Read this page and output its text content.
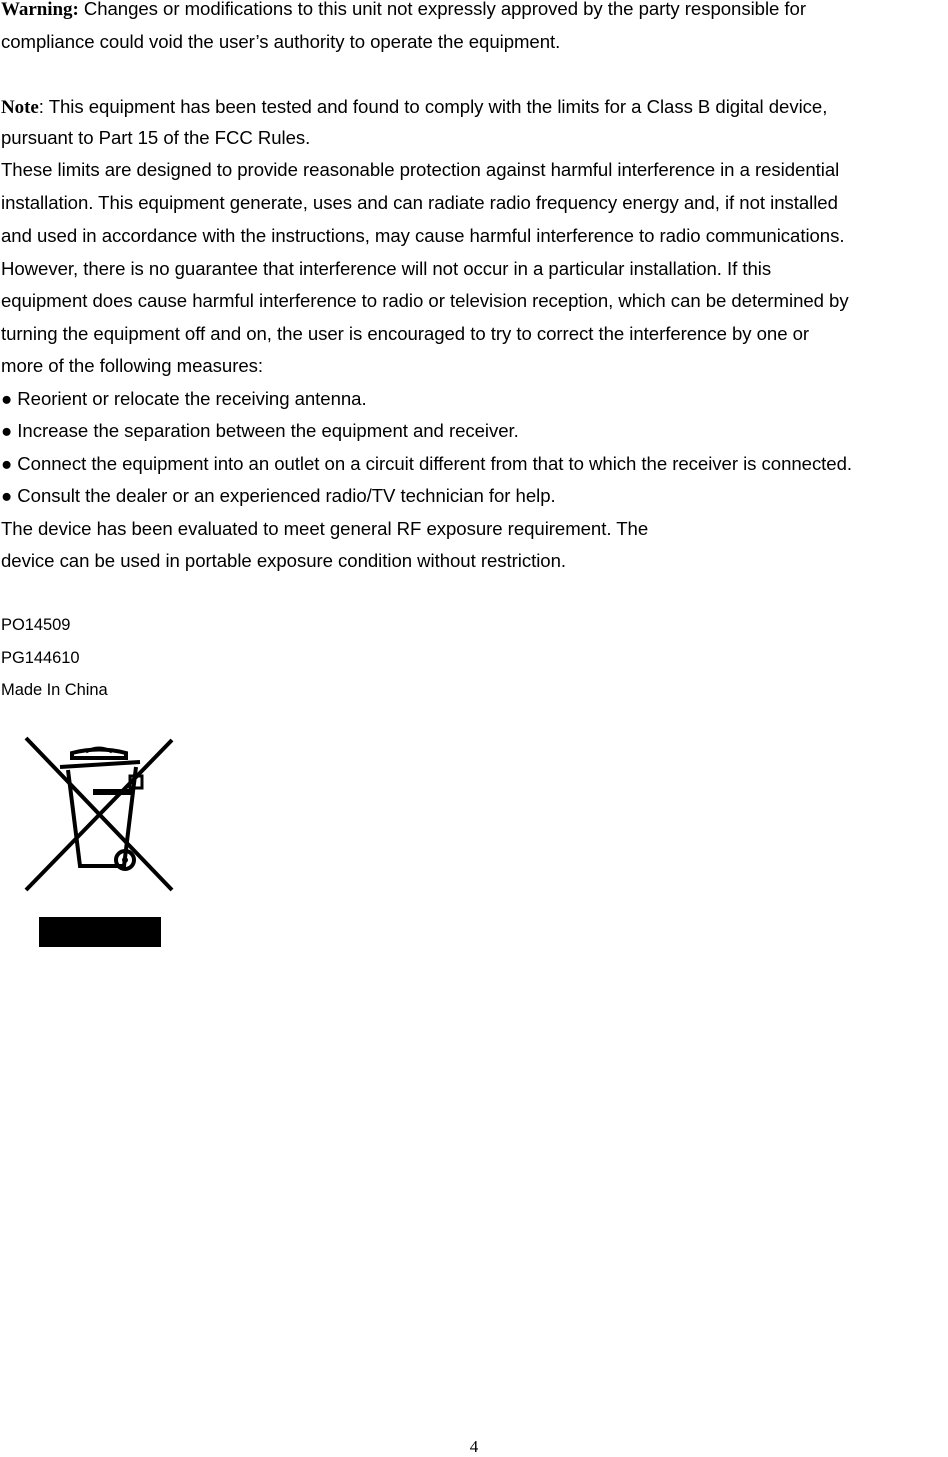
Warning: Changes or modifications to this unit not expressly approved by the party responsible for
compliance could void the user’s authority to operate the equipment.
Note: This equipment has been tested and found to comply with the limits for a Class B digital device,
pursuant to Part 15 of the FCC Rules.
These limits are designed to provide reasonable protection against harmful interference in a residential
installation. This equipment generate, uses and can radiate radio frequency energy and, if not installed
and used in accordance with the instructions, may cause harmful interference to radio communications.
However, there is no guarantee that interference will not occur in a particular installation. If this
equipment does cause harmful interference to radio or television reception, which can be determined by
turning the equipment off and on, the user is encouraged to try to correct the interference by one or
more of the following measures:
● Reorient or relocate the receiving antenna.
● Increase the separation between the equipment and receiver.
● Connect the equipment into an outlet on a circuit different from that to which the receiver is connected.
● Consult the dealer or an experienced radio/TV technician for help.
The device has been evaluated to meet general RF exposure requirement. The
device can be used in portable exposure condition without restriction.
PO14509
PG144610
Made In China
4
